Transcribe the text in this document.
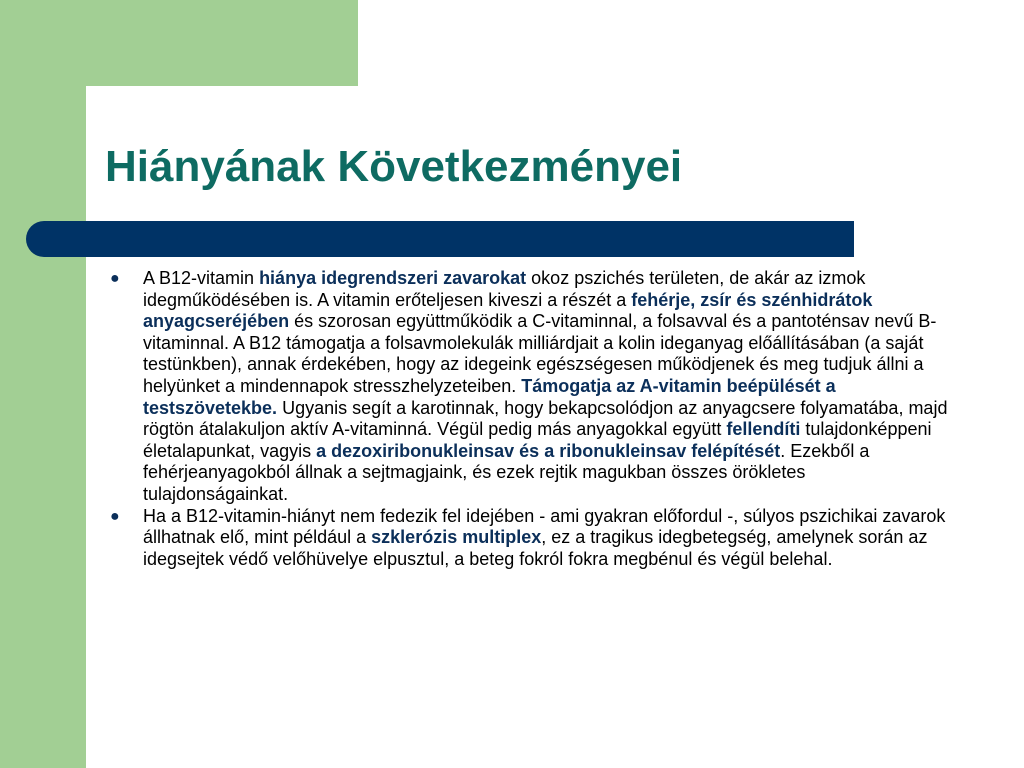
Hiányának Következményei
● A B12-vitamin hiánya idegrendszeri zavarokat okoz pszichés területen, de akár az izmok idegműködésében is. A vitamin erőteljesen kiveszi a részét a fehérje, zsír és szénhidrátok anyagcseréjében és szorosan együttműködik a C-vitaminnal, a folsavval és a pantoténsav nevű B-vitaminnal. A B12 támogatja a folsavmolekulák milliárdjait a kolin ideganyag előállításában (a saját testünkben), annak érdekében, hogy az idegeink egészségesen működjenek és meg tudjuk állni a helyünket a mindennapok stresszhelyzeteiben. Támogatja az A-vitamin beépülését a testszövetekbe. Ugyanis segít a karotinnak, hogy bekapcsolódjon az anyagcsere folyamatába, majd rögtön átalakuljon aktív A-vitaminná. Végül pedig más anyagokkal együtt fellendíti tulajdonképpeni életalapunkat, vagyis a dezoxiribonukleinsav és a ribonukleinsav felépítését. Ezekből a fehérjeanyagokból állnak a sejtmagjaink, és ezek rejtik magukban összes örökletes tulajdonságainkat.
● Ha a B12-vitamin-hiányt nem fedezik fel idejében - ami gyakran előfordul -, súlyos pszichikai zavarok állhatnak elő, mint például a szklerózis multiplex, ez a tragikus idegbetegség, amelynek során az idegsejtek védő velőhüvelye elpusztul, a beteg fokról fokra megbénul és végül belehal.
